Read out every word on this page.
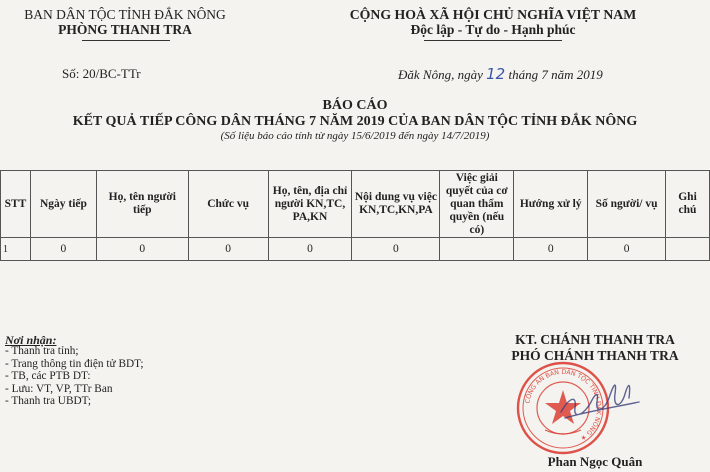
BAN DÂN TỘC TỈNH ĐẮK NÔNG
PHÒNG THANH TRA
CỘNG HOÀ XÃ HỘI CHỦ NGHĨA VIỆT NAM
Độc lập - Tự do - Hạnh phúc
Số: 20/BC-TTr	Đăk Nông, ngày 12 tháng 7 năm 2019
BÁO CÁO
KẾT QUẢ TIẾP CÔNG DÂN THÁNG 7 NĂM 2019 CỦA BAN DÂN TỘC TỈNH ĐẮK NÔNG
(Số liệu báo cáo tính từ ngày 15/6/2019 đến ngày 14/7/2019)
STT	Ngày tiếp	Họ, tên người tiếp	Chức vụ	Họ, tên, địa chỉ người KN,TC, PA,KN	Nội dung vụ việc KN,TC,KN,PA	Việc giải quyết của cơ quan thẩm quyền (nếu có)	Hướng xử lý	Số người/ vụ	Ghi chú
1	0	0	0	0	0		0	0	
Nơi nhận:
- Thanh tra tỉnh;
- Trang thông tin điện tử BDT;
- TB, các PTB DT:
- Lưu: VT, VP, TTr Ban
- Thanh tra UBDT;
KT. CHÁNH THANH TRA
PHÓ CHÁNH THANH TRA
CÔNG AN BAN DÂN TỘC TỈNH ĐẮK NÔNG ★
Phan Ngọc Quân
